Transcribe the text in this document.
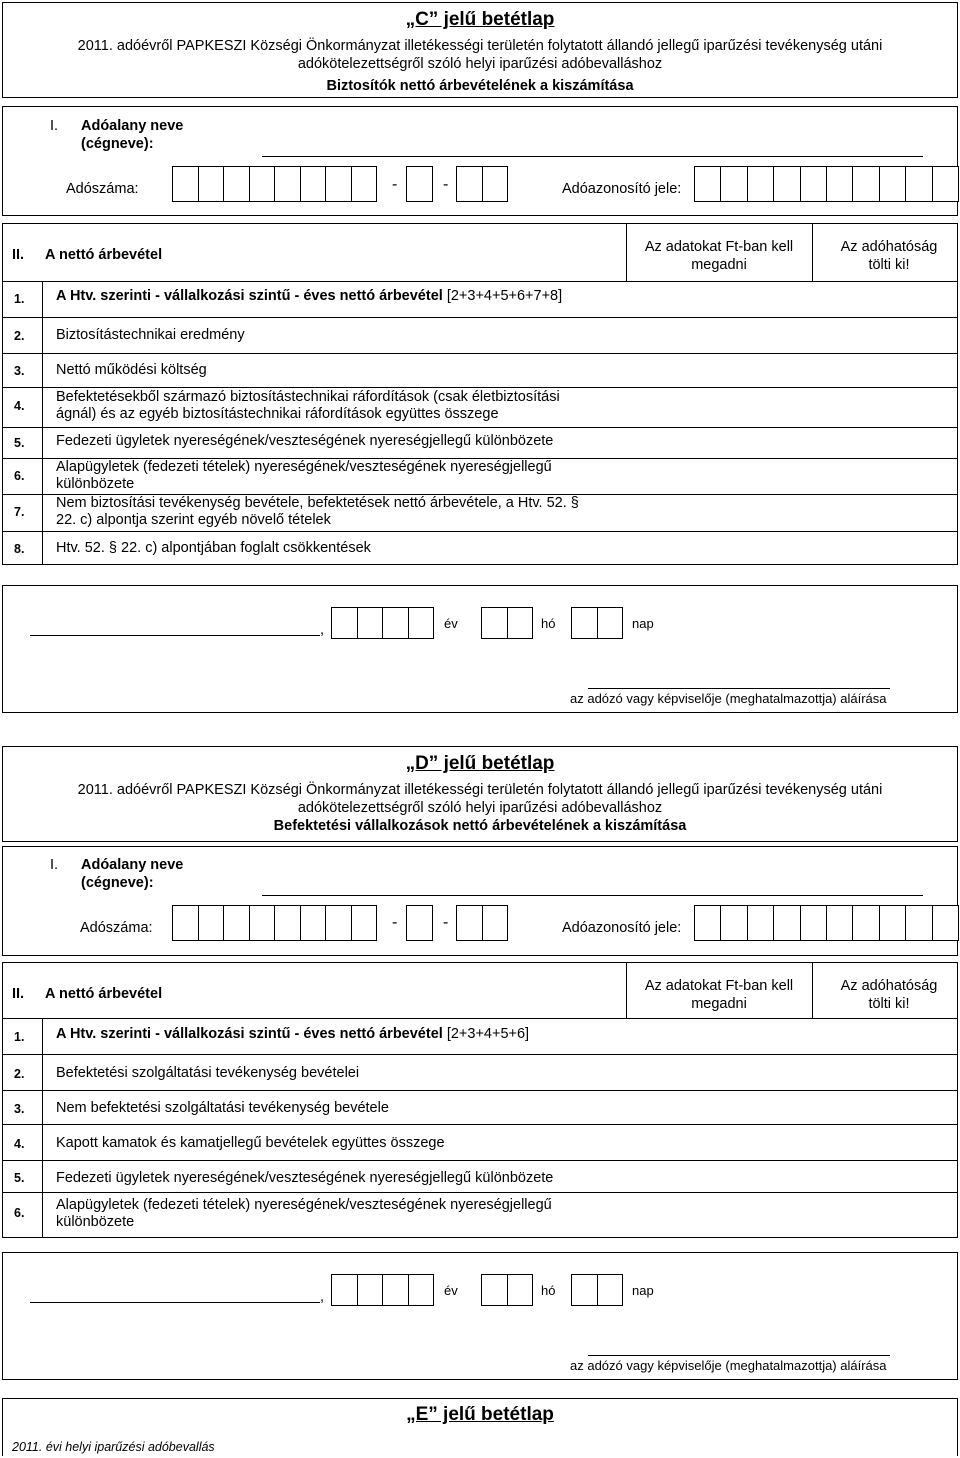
„C” jelű betétlap
2011. adóévről PAPKESZI Községi Önkormányzat illetékességi területén folytatott állandó jellegű iparűzési tevékenység utáni
adókötelezettségről szóló helyi iparűzési adóbevalláshoz
Biztosítók nettó árbevételének a kiszámítása
I. Adóalany neve
(cégneve):
Adószáma:	-	-	Adóazonosító jele:
II. A nettó árbevétel	Az adatokat Ft-ban kell
megadni
Az adóhatóság
tölti ki!
1. A Htv. szerinti - vállalkozási szintű - éves nettó árbevétel [2+3+4+5+6+7+8]
2. Biztosítástechnikai eredmény
3. Nettó működési költség
4.
Befektetésekből származó biztosítástechnikai ráfordítások (csak életbiztosítási
ágnál) és az egyéb biztosítástechnikai ráfordítások együttes összege
5. Fedezeti ügyletek nyereségének/veszteségének nyereségjellegű különbözete
6.
Alapügyletek (fedezeti tételek) nyereségének/veszteségének nyereségjellegű
különbözete
7.
Nem biztosítási tevékenység bevétele, befektetések nettó árbevétele, a Htv. 52. §
22. c) alpontja szerint egyéb növelő tételek
8. Htv. 52. § 22. c) alpontjában foglalt csökkentések
,	év	hó	nap
az adózó vagy képviselője (meghatalmazottja) aláírása
„D” jelű betétlap
2011. adóévről PAPKESZI Községi Önkormányzat illetékességi területén folytatott állandó jellegű iparűzési tevékenység utáni
adókötelezettségről szóló helyi iparűzési adóbevalláshoz
Befektetési vállalkozások nettó árbevételének a kiszámítása
I. Adóalany neve
(cégneve):
Adószáma:	-	-	Adóazonosító jele:
II. A nettó árbevétel	Az adatokat Ft-ban kell
megadni
Az adóhatóság
tölti ki!
1. A Htv. szerinti - vállalkozási szintű - éves nettó árbevétel [2+3+4+5+6]
2. Befektetési szolgáltatási tevékenység bevételei
3. Nem befektetési szolgáltatási tevékenység bevétele
4. Kapott kamatok és kamatjellegű bevételek együttes összege
5. Fedezeti ügyletek nyereségének/veszteségének nyereségjellegű különbözete
6. Alapügyletek (fedezeti tételek) nyereségének/veszteségének nyereségjellegű
különbözete
,	év	hó	nap
az adózó vagy képviselője (meghatalmazottja) aláírása
„E” jelű betétlap
2011. évi helyi iparűzési adóbevallás
